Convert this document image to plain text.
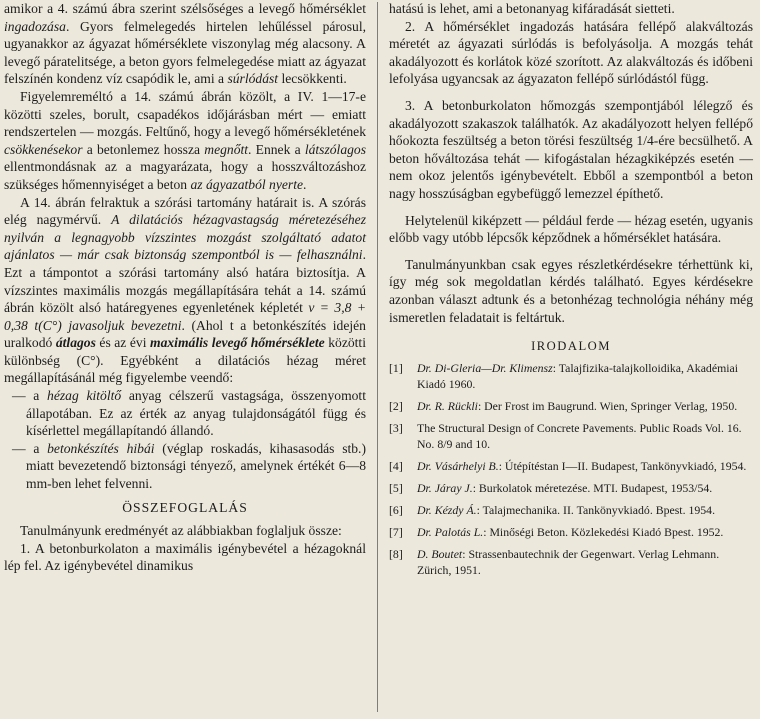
amikor a 4. számú ábra szerint szélsőséges a levegő hőmérséklet ingadozása. Gyors felmelegedés hirtelen lehűléssel párosul, ugyanakkor az ágyazat hőmérséklete viszonylag még alacsony. A levegő páratelitsége, a beton gyors felmelegedése miatt az ágyazat felszínén kondenz víz csapódik le, ami a súrlódást lecsökkenti.

Figyelemreméltó a 14. számú ábrán közölt, a IV. 1—17-e közötti szeles, borult, csapadékos időjárásban mért — emiatt rendszertelen — mozgás. Feltűnő, hogy a levegő hőmérsékletének csökkenésekor a betonlemez hossza megnőtt. Ennek a látszólagos ellentmondásnak az a magyarázata, hogy a hosszváltozáshoz szükséges hőmennyiséget a beton az ágyazatból nyerte.

A 14. ábrán felraktuk a szórási tartomány határait is. A szórás elég nagymérvű. A dilatációs hézagvastagság méretezéséhez nyilván a legnagyobb vízszintes mozgást szolgáltató adatot ajánlatos — már csak biztonság szempontból is — felhasználni. Ezt a támpontot a szórási tartomány alsó határa biztosítja. A vízszintes maximális mozgás megállapítására tehát a 14. számú ábrán közölt alsó határegyenes egyenletének képletét ν = 3,8 + 0,38 t(C°) javasoljuk bevezetni. (Ahol t a betonkészítés idején uralkodó átlagos és az évi maximális levegő hőmérséklete közötti különbség (C°). Egyébként a dilatációs hézag méret megállapításánál még figyelembe veendő:

— a hézag kitöltő anyag célszerű vastagsága, összenyomott állapotában. Ez az érték az anyag tulajdonságától függ és kísérlettel megállapítandó állandó.

— a betonkészítés hibái (véglap roskadás, kihasasodás stb.) miatt bevezetendő biztonsági tényező, amelynek értékét 6—8 mm-ben lehet felvenni.

ÖSSZEFOGLALÁS

Tanulmányunk eredményét az alábbiakban foglaljuk össze:

1. A betonburkolaton a maximális igénybevétel a hézagoknál lép fel. Az igénybevétel dinamikus

hatású is lehet, ami a betonanyag kifáradását sietteti.

2. A hőmérséklet ingadozás hatására fellépő alakváltozás méretét az ágyazati súrlódás is befolyásolja. A mozgás tehát akadályozott és korlátok közé szorított. Az alakváltozás és időbeni lefolyása ugyancsak az ágyazaton fellépő súrlódástól függ.

3. A betonburkolaton hőmozgás szempontjából lélegző és akadályozott szakaszok találhatók. Az akadályozott helyen fellépő hőokozta feszültség a beton törési feszültség 1/4-ére becsülhető. A beton hőváltozása tehát — kifogástalan hézagkiképzés esetén — nem okoz jelentős igénybevételt. Ebből a szempontból a beton nagy hosszúságban egybefüggő lemezzel építhető.

Helytelenül kiképzett — például ferde — hézag esetén, ugyanis előbb vagy utóbb lépcsők képződnek a hőmérséklet hatására.

Tanulmányunkban csak egyes részletkérdésekre térhettünk ki, így még sok megoldatlan kérdés található. Egyes kérdésekre azonban választ adtunk és a betonhézag technológia néhány még ismeretlen feladatait is feltártuk.

IRODALOM
[1]	Dr. Di-Gleria—Dr. Klimensz: Talajfizika-talajkolloidika, Akadémiai Kiadó 1960.
[2]	Dr. R. Rückli: Der Frost im Baugrund. Wien, Springer Verlag, 1950.
[3]	The Structural Design of Concrete Pavements. Public Roads Vol. 16. No. 8/9 and 10.
[4]	Dr. Vásárhelyi B.: Útépítéstan I—II. Budapest, Tankönyvkiadó, 1954.
[5]	Dr. Járay J.: Burkolatok méretezése. MTI. Budapest, 1953/54.
[6]	Dr. Kézdy Á.: Talajmechanika. II. Tankönyvkiadó. Bpest. 1954.
[7]	Dr. Palotás L.: Minőségi Beton. Közlekedési Kiadó Bpest. 1952.
[8]	D. Boutet: Strassenbautechnik der Gegenwart. Verlag Lehmann. Zürich, 1951.
